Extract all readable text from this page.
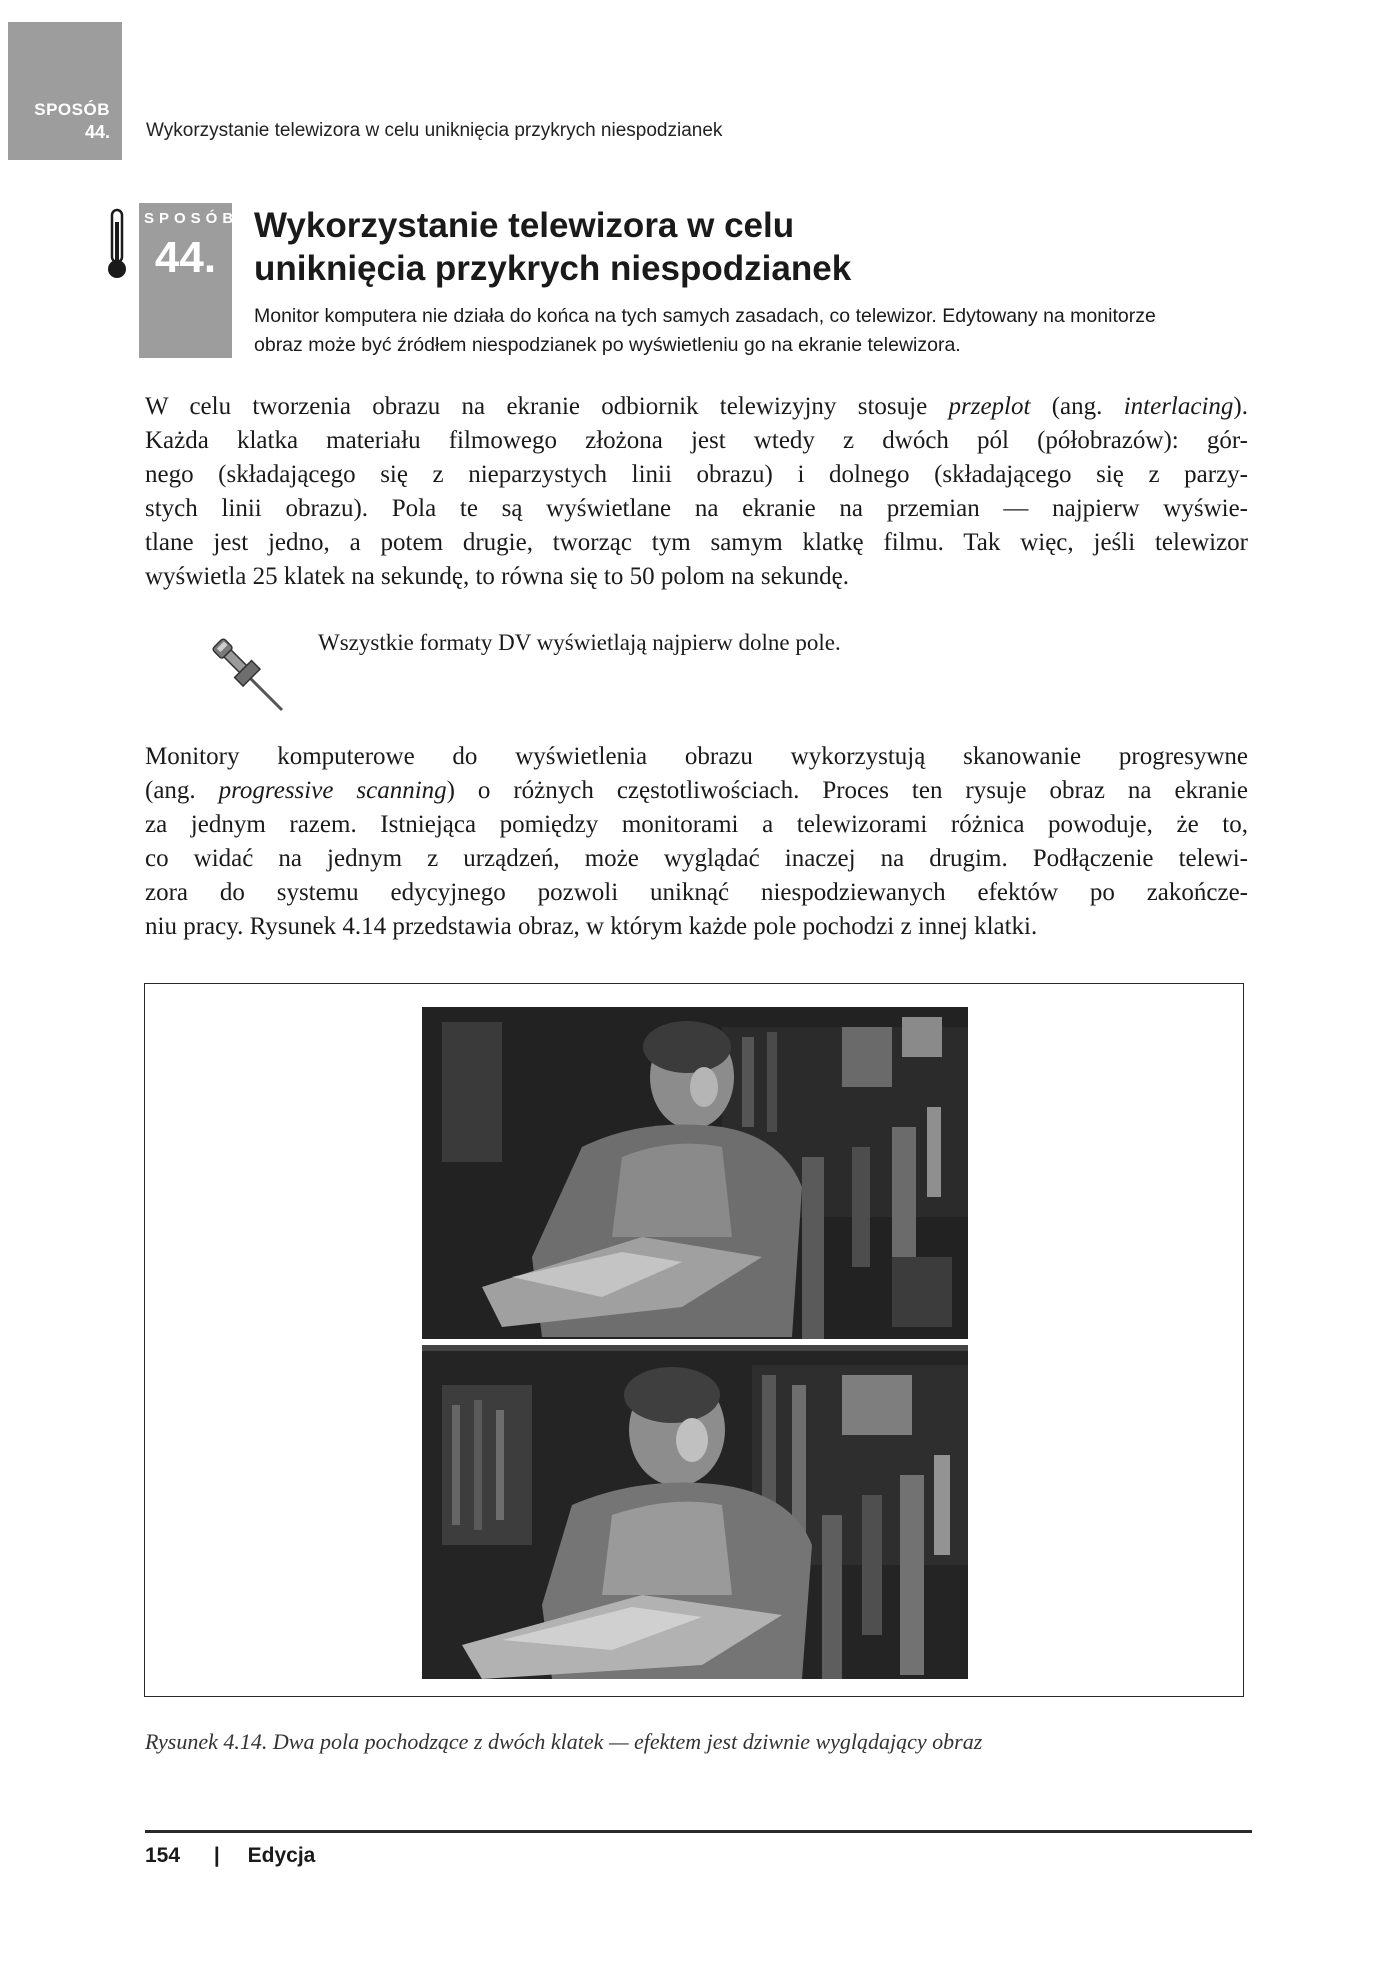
SPOSÓB
44. Wykorzystanie telewizora w celu uniknięcia przykrych niespodzianek
SPOSÓB
44.
Wykorzystanie telewizora w celu
uniknięcia przykrych niespodzianek
Monitor komputera nie działa do końca na tych samych zasadach, co telewizor. Edytowany na monitorze
obraz może być źródłem niespodzianek po wyświetleniu go na ekranie telewizora.

W celu tworzenia obrazu na ekranie odbiornik telewizyjny stosuje przeplot (ang. interlacing).

Każda klatka materiału filmowego złożona jest wtedy z dwóch pól (półobrazów): gór-

nego (składającego się z nieparzystych linii obrazu) i dolnego (składającego się z parzy-

stych linii obrazu). Pola te są wyświetlane na ekranie na przemian — najpierw wyświe-

tlane jest jedno, a potem drugie, tworząc tym samym klatkę filmu. Tak więc, jeśli telewizor

wyświetla 25 klatek na sekundę, to równa się to 50 polom na sekundę.

Wszystkie formaty DV wyświetlają najpierw dolne pole.

Monitory komputerowe do wyświetlenia obrazu wykorzystują skanowanie progresywne

(ang. progressive scanning) o różnych częstotliwościach. Proces ten rysuje obraz na ekranie

za jednym razem. Istniejąca pomiędzy monitorami a telewizorami różnica powoduje, że to,

co widać na jednym z urządzeń, może wyglądać inaczej na drugim. Podłączenie telewi-

zora do systemu edycyjnego pozwoli uniknąć niespodziewanych efektów po zakończe-

niu pracy. Rysunek 4.14 przedstawia obraz, w którym każde pole pochodzi z innej klatki.

Rysunek 4.14. Dwa pola pochodzące z dwóch klatek — efektem jest dziwnie wyglądający obraz
154 | Edycja
